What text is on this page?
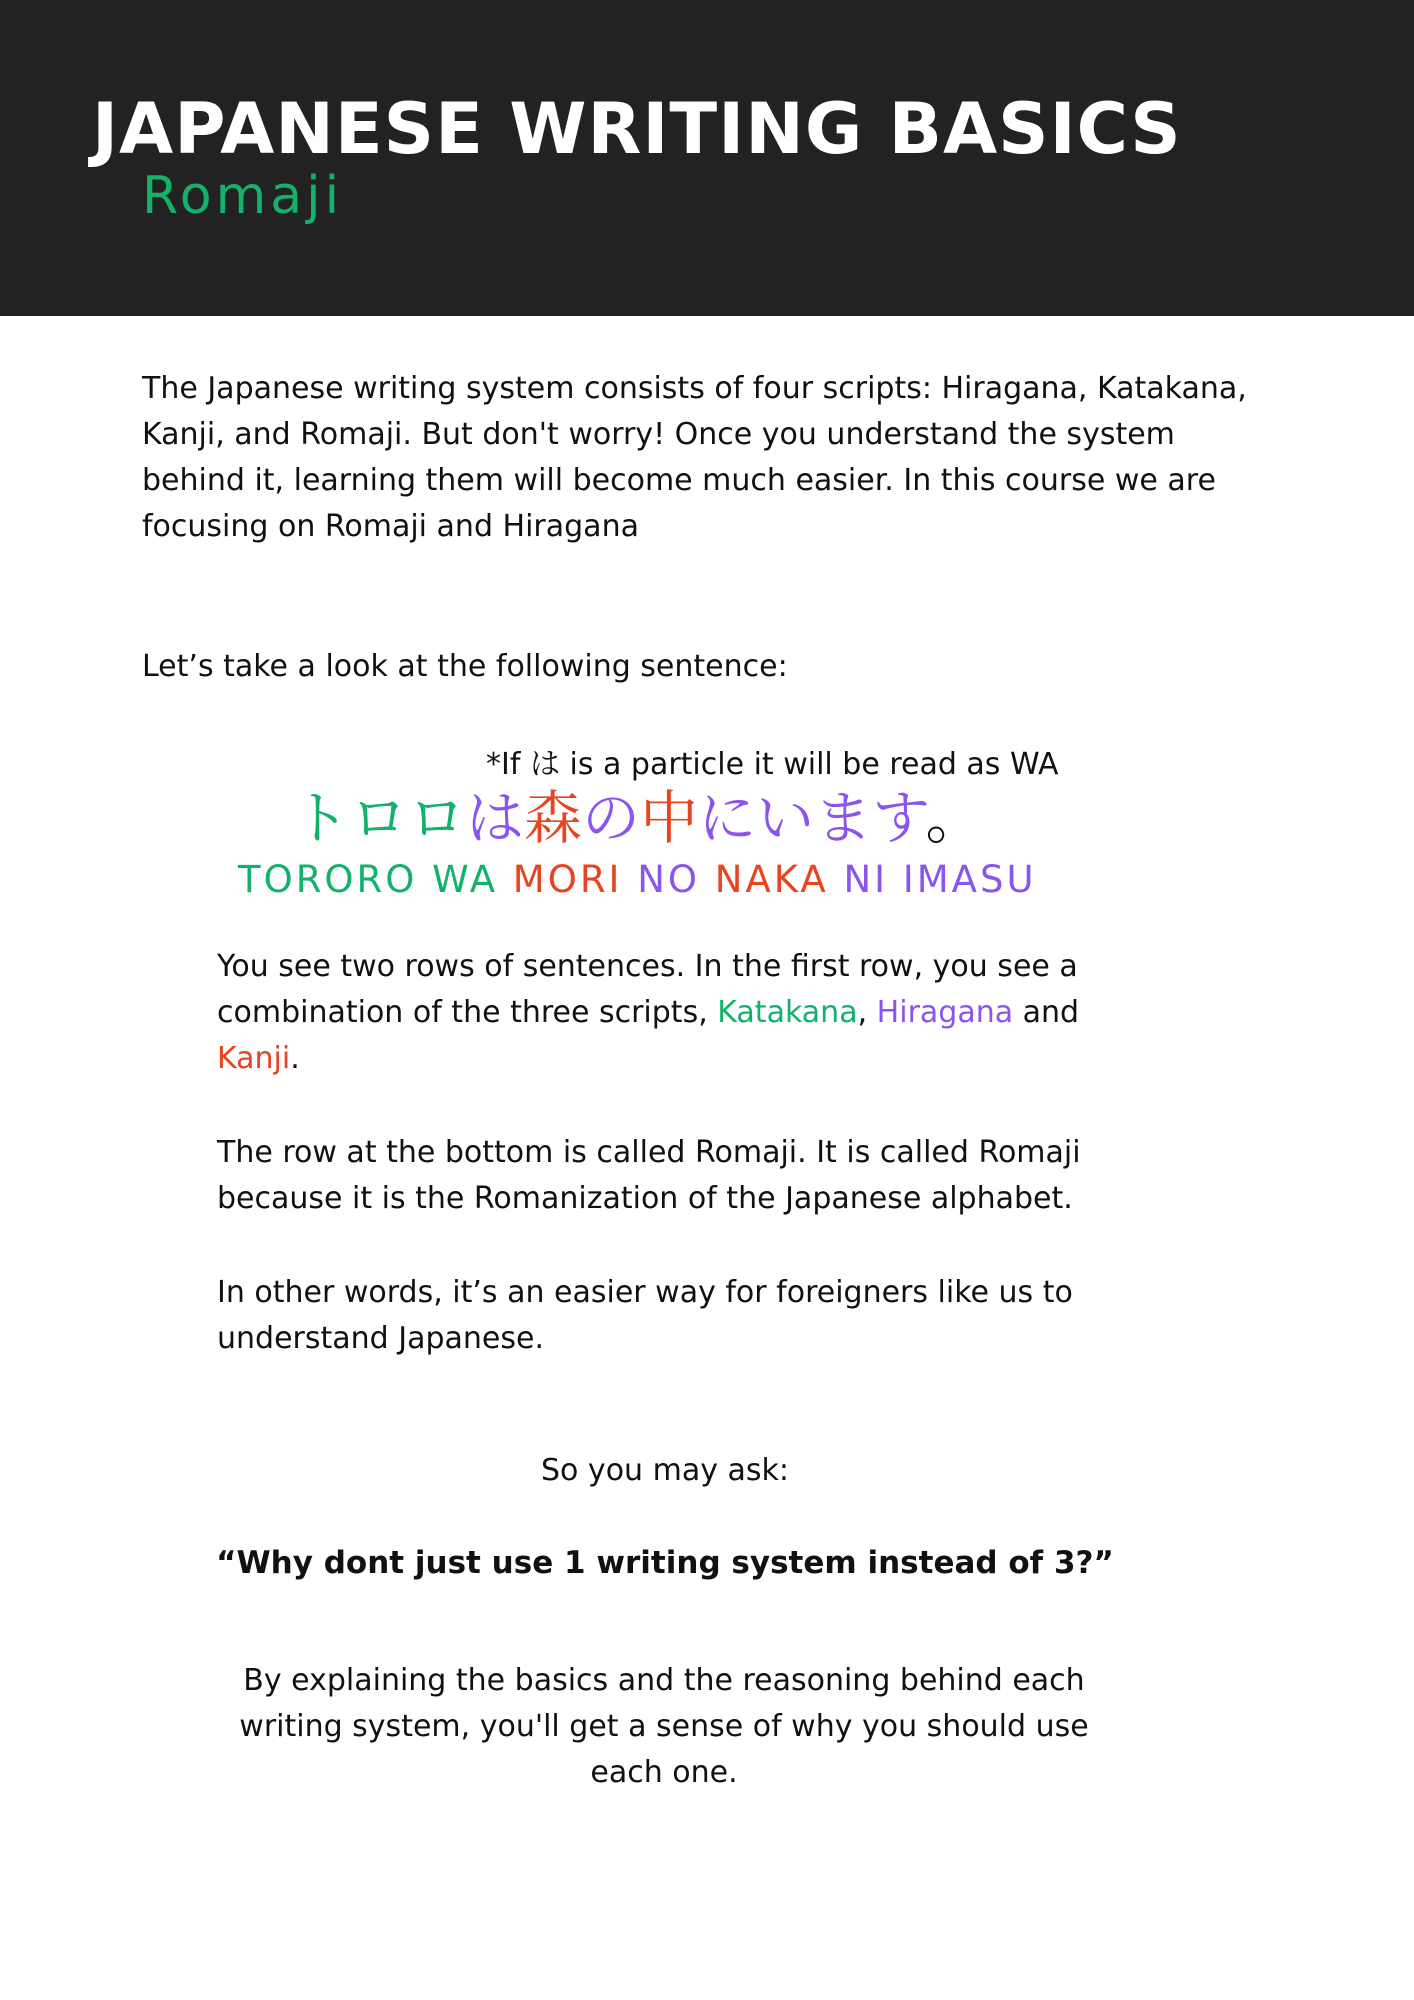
JAPANESE WRITING BASICS
Romaji

The Japanese writing system consists of four scripts: Hiragana, Katakana, Kanji, and Romaji. But don't worry! Once you understand the system behind it, learning them will become much easier. In this course we are focusing on Romaji and Hiragana

Let’s take a look at the following sentence:

*If は is a particle it will be read as WA
トロロは森の中にいます。
TORORO WA MORI NO NAKA NI IMASU

You see two rows of sentences. In the first row, you see a combination of the three scripts, Katakana, Hiragana and Kanji.

The row at the bottom is called Romaji. It is called Romaji because it is the Romanization of the Japanese alphabet.

In other words, it’s an easier way for foreigners like us to understand Japanese.

So you may ask:
“Why dont just use 1 writing system instead of 3?”

By explaining the basics and the reasoning behind each writing system, you'll get a sense of why you should use each one.
